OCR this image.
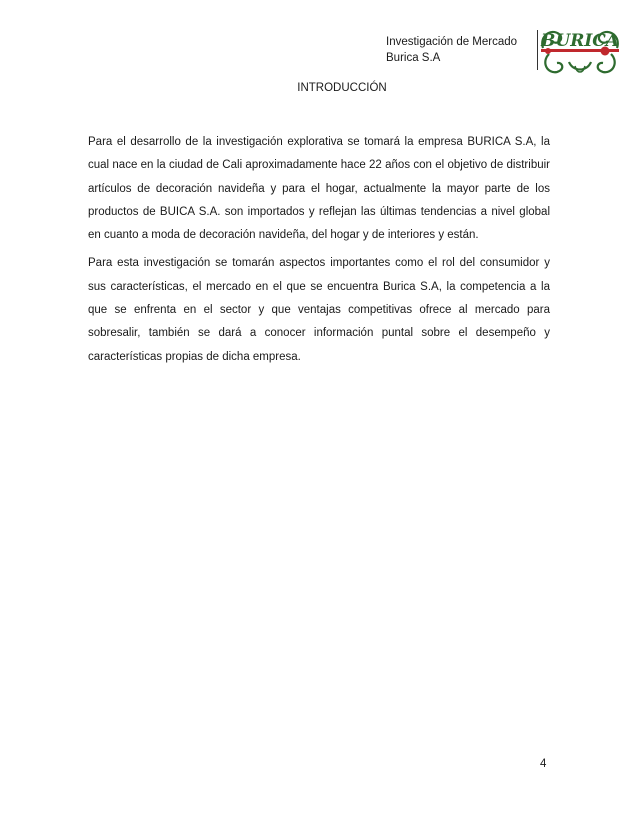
Investigación de Mercado
Burica S.A
BURICA
INTRODUCCIÓN

Para el desarrollo de la investigación explorativa se tomará la empresa BURICA S.A, la cual nace en la ciudad de Cali aproximadamente hace 22 años con el objetivo de distribuir artículos de decoración navideña y para el hogar, actualmente la mayor parte de los productos de BUICA S.A. son importados y reflejan las últimas tendencias a nivel global en cuanto a moda de decoración navideña, del hogar y de interiores y están.

Para esta investigación se tomarán aspectos importantes como el rol del consumidor y sus características, el mercado en el que se encuentra Burica S.A, la competencia a la que se enfrenta en el sector y que ventajas competitivas ofrece al mercado para sobresalir, también se dará a conocer información puntal sobre el desempeño y características propias de dicha empresa.

4
